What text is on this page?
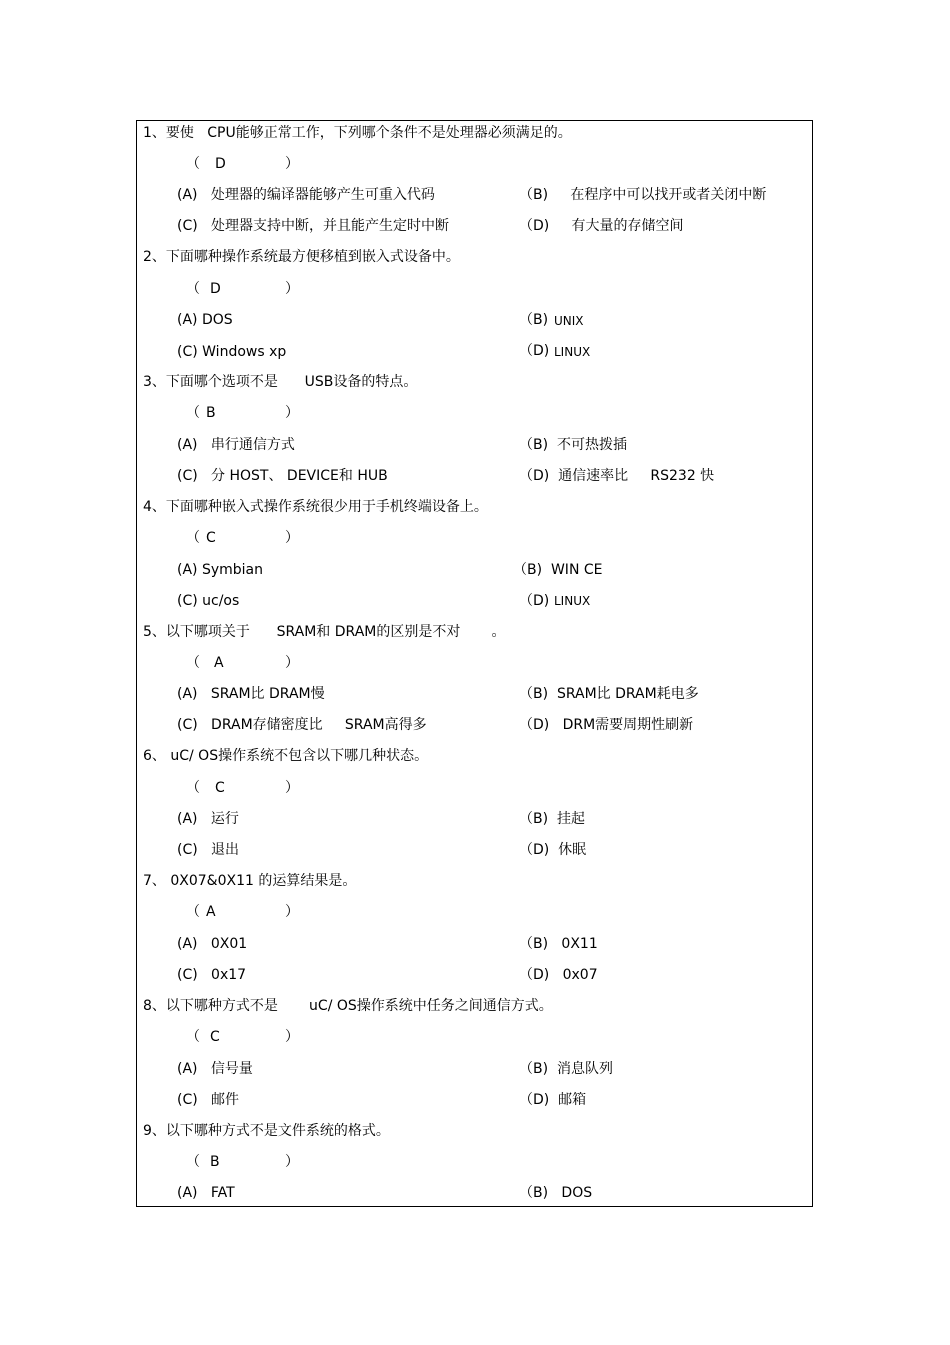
1、要使   CPU能够正常工作，下列哪个条件不是处理器必须满足的。
（ D	）
(A)   处理器的编译器能够产生可重入代码	（B)     在程序中可以找开或者关闭中断
(C)   处理器支持中断，并且能产生定时中断	（D)     有大量的存储空间
2、下面哪种操作系统最方便移植到嵌入式设备中。
（ D	）
(A) DOS	（B) UNIX
(C) Windows xp	（D) LINUX
3、下面哪个选项不是      USB设备的特点。
（ B	）
(A)   串行通信方式	（B)  不可热拨插
(C)   分 HOST、 DEVICE和 HUB	（D)  通信速率比     RS232 快
4、下面哪种嵌入式操作系统很少用于手机终端设备上。
（ C	）
(A) Symbian	（B)  WIN CE
(C) uc/os	（D) LINUX
5、以下哪项关于      SRAM和 DRAM的区别是不对       。
（ A	）
(A)   SRAM比 DRAM慢	（B)  SRAM比 DRAM耗电多
(C)   DRAM存储密度比     SRAM高得多	（D)   DRM需要周期性刷新
6、 uC/ OS操作系统不包含以下哪几种状态。
（ C	）
(A)   运行	（B)  挂起
(C)   退出	（D)  休眠
7、 0X07&0X11 的运算结果是。
（ A	）
(A)   0X01	（B)   0X11
(C)   0x17	（D)   0x07
8、以下哪种方式不是       uC/ OS操作系统中任务之间通信方式。
（ C	）
(A)   信号量	（B)  消息队列
(C)   邮件	（D)  邮箱
9、以下哪种方式不是文件系统的格式。
（ B	）
(A)   FAT	（B)   DOS
